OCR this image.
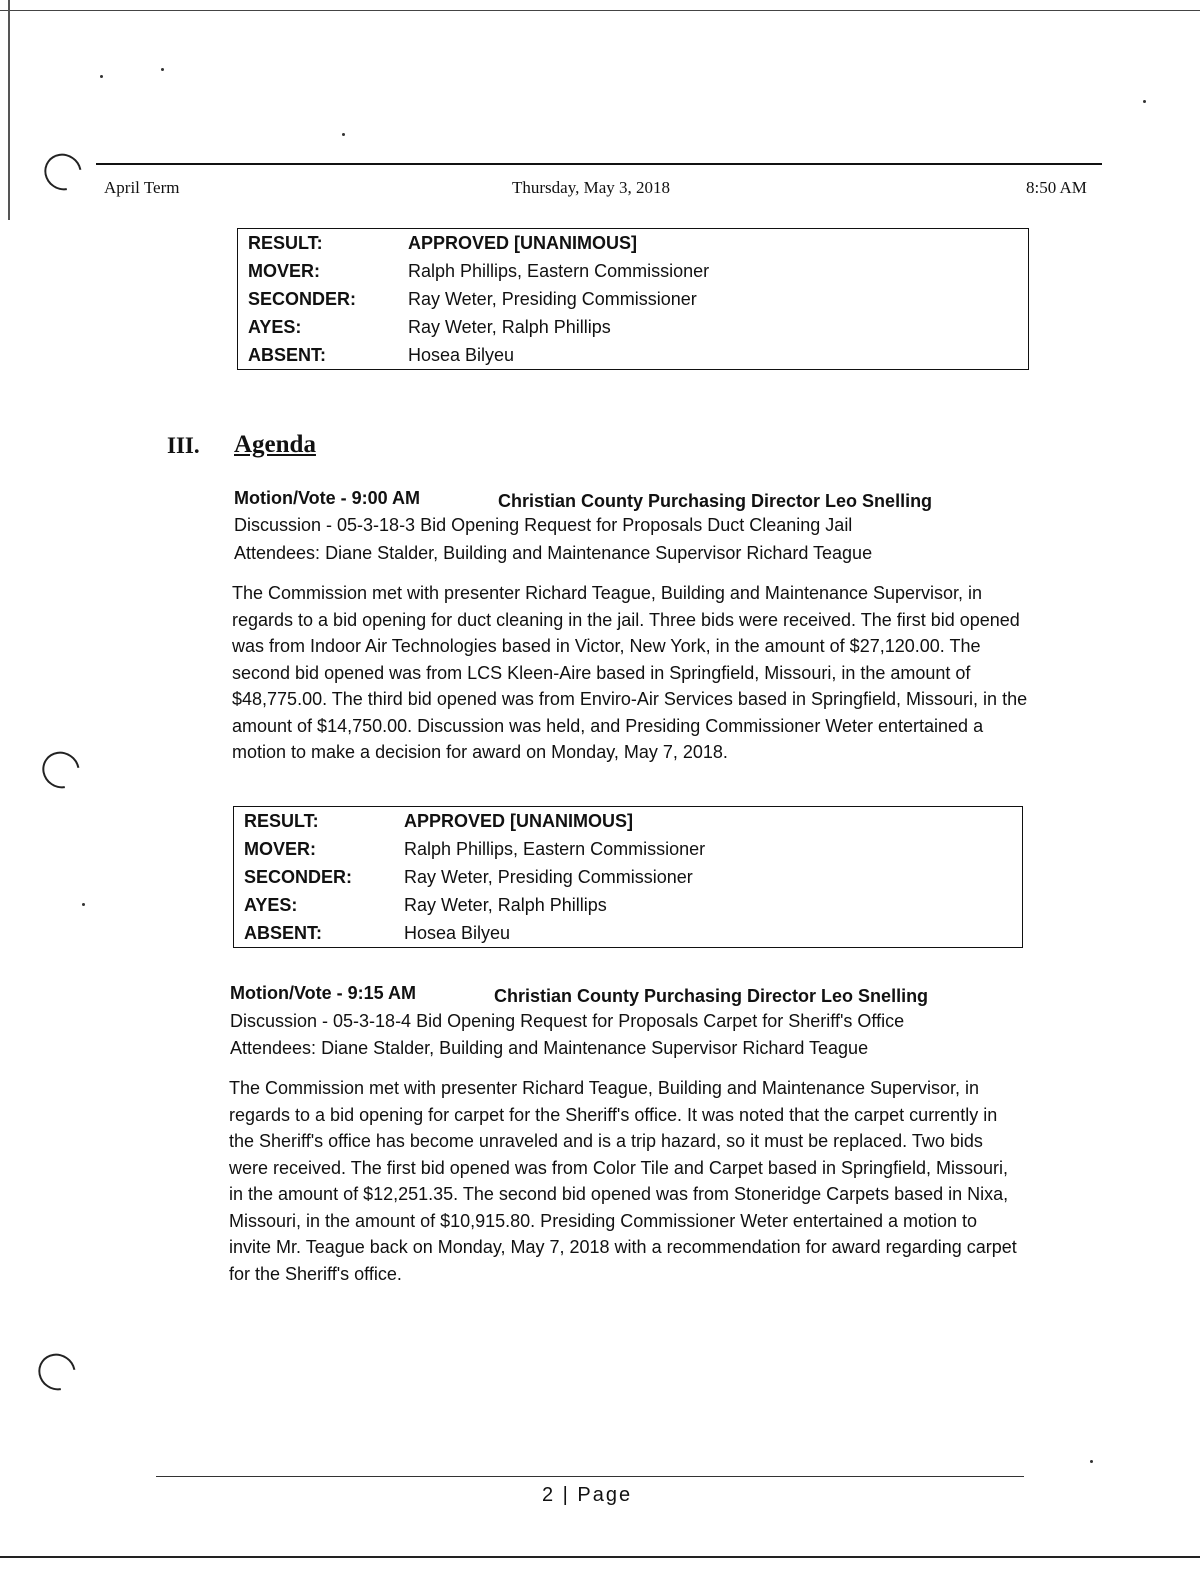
April Term	Thursday, May 3, 2018	8:50 AM
RESULT:	APPROVED [UNANIMOUS]
MOVER:	Ralph Phillips, Eastern Commissioner
SECONDER:	Ray Weter, Presiding Commissioner
AYES:	Ray Weter, Ralph Phillips
ABSENT:	Hosea Bilyeu
III. Agenda
Motion/Vote - 9:00 AM	Christian County Purchasing Director Leo Snelling
Discussion - 05-3-18-3 Bid Opening Request for Proposals Duct Cleaning Jail
Attendees: Diane Stalder, Building and Maintenance Supervisor Richard Teague
The Commission met with presenter Richard Teague, Building and Maintenance Supervisor, in regards to a bid opening for duct cleaning in the jail. Three bids were received. The first bid opened was from Indoor Air Technologies based in Victor, New York, in the amount of $27,120.00. The second bid opened was from LCS Kleen-Aire based in Springfield, Missouri, in the amount of $48,775.00. The third bid opened was from Enviro-Air Services based in Springfield, Missouri, in the amount of $14,750.00. Discussion was held, and Presiding Commissioner Weter entertained a motion to make a decision for award on Monday, May 7, 2018.
RESULT:	APPROVED [UNANIMOUS]
MOVER:	Ralph Phillips, Eastern Commissioner
SECONDER:	Ray Weter, Presiding Commissioner
AYES:	Ray Weter, Ralph Phillips
ABSENT:	Hosea Bilyeu
Motion/Vote - 9:15 AM	Christian County Purchasing Director Leo Snelling
Discussion - 05-3-18-4 Bid Opening Request for Proposals Carpet for Sheriff's Office
Attendees: Diane Stalder, Building and Maintenance Supervisor Richard Teague
The Commission met with presenter Richard Teague, Building and Maintenance Supervisor, in regards to a bid opening for carpet for the Sheriff's office. It was noted that the carpet currently in the Sheriff's office has become unraveled and is a trip hazard, so it must be replaced. Two bids were received. The first bid opened was from Color Tile and Carpet based in Springfield, Missouri, in the amount of $12,251.35. The second bid opened was from Stoneridge Carpets based in Nixa, Missouri, in the amount of $10,915.80. Presiding Commissioner Weter entertained a motion to invite Mr. Teague back on Monday, May 7, 2018 with a recommendation for award regarding carpet for the Sheriff's office.
2 | Page
